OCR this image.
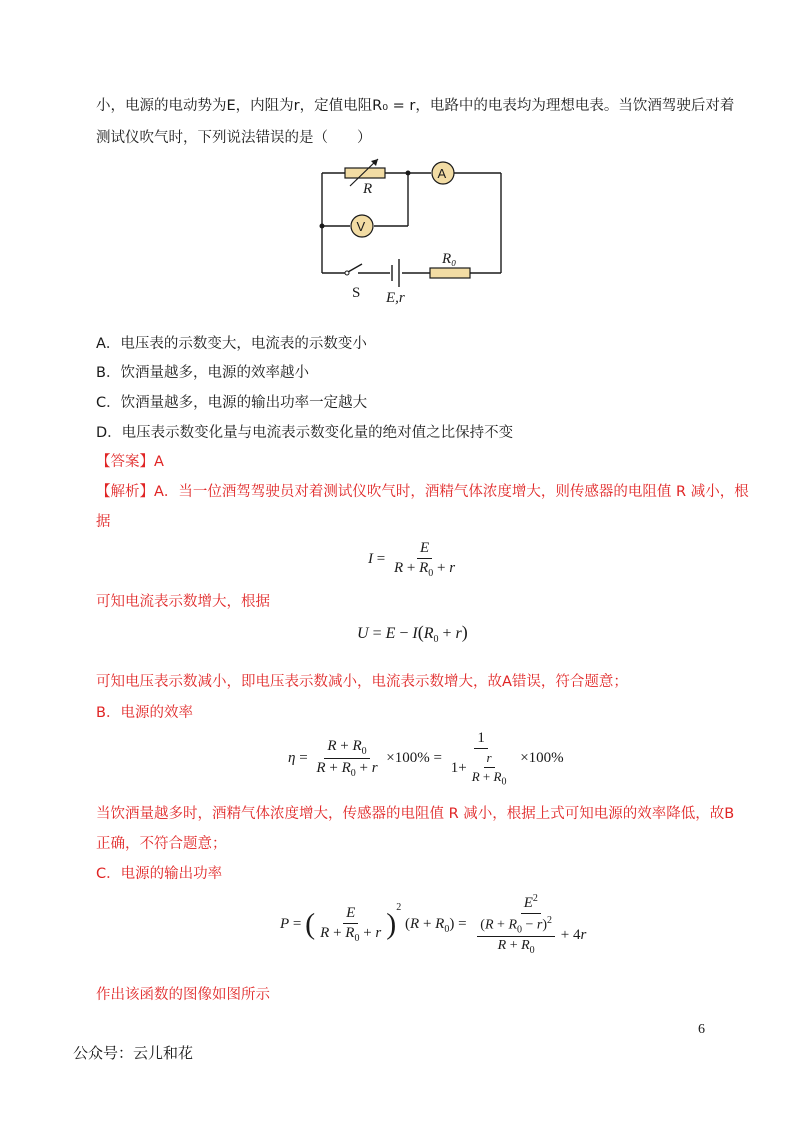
小，电源的电动势为E，内阻为r，定值电阻R₀ = r，电路中的电表均为理想电表。当饮酒驾驶后对着
测试仪吹气时，下列说法错误的是（　　）
R
A
V
R₀
S E,r
A．电压表的示数变大，电流表的示数变小
B．饮酒量越多，电源的效率越小
C．饮酒量越多，电源的输出功率一定越大
D．电压表示数变化量与电流表示数变化量的绝对值之比保持不变
【答案】A
【解析】A．当一位酒驾驾驶员对着测试仪吹气时，酒精气体浓度增大，则传感器的电阻值 R 减小，根
据
$I = \frac{E}{R + R_0 + r}$
可知电流表示数增大，根据
$U = E - I(R_0 + r)$
可知电压表示数减小，即电压表示数减小，电流表示数增大，故A错误，符合题意；
B．电源的效率
$\eta = \frac{R + R_0}{R + R_0 + r} \times 100\% = \frac{1}{1+ \frac{r}{R + R_0}} \times 100\%$
当饮酒量越多时，酒精气体浓度增大，传感器的电阻值 R 减小，根据上式可知电源的效率降低，故B
正确，不符合题意；
C．电源的输出功率
P = ( $\frac{E}{R + R_0 + r} )^2$ $(R + R_0) = \frac{E^2}{\frac{(R + R_0 - r)^2}{R + R_0} + 4r}$
作出该函数的图像如图所示
6
公众号：云儿和花
